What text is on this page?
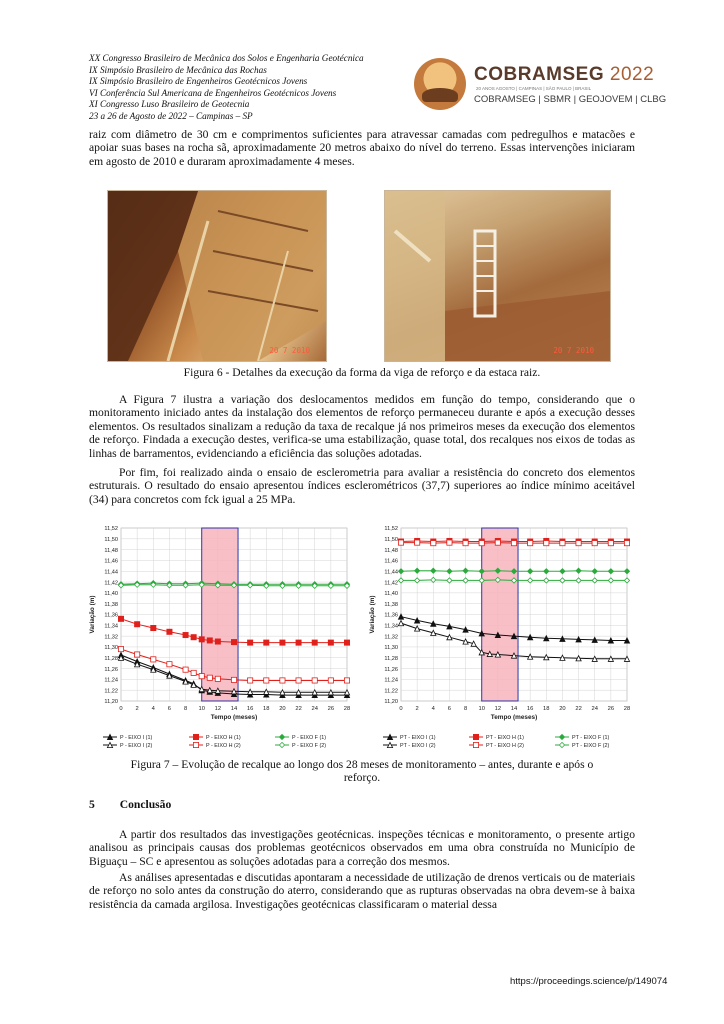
XX Congresso Brasileiro de Mecânica dos Solos e Engenharia Geotécnica
IX Simpósio Brasileiro de Mecânica das Rochas
IX Simpósio Brasileiro de Engenheiros Geotécnicos Jovens
VI Conferência Sul Americana de Engenheiros Geotécnicos Jovens
XI Congresso Luso Brasileiro de Geotecnia
23 a 26 de Agosto de 2022 – Campinas – SP
COBRAMSEG 2022
20 ANOS AGOSTO | CAMPINAS | SÃO PAULO | BRASIL
COBRAMSEG | SBMR | GEOJOVEM | CLBG

raiz com diâmetro de 30 cm e comprimentos suficientes para atravessar camadas com pedregulhos e matacões e apoiar suas bases na rocha sã, aproximadamente 20 metros abaixo do nível do terreno. Essas intervenções iniciaram em agosto de 2010 e duraram aproximadamente 4 meses.

20 7 2010	20 7 2010

Figura 6 - Detalhes da execução da forma da viga de reforço e da estaca raiz.

A Figura 7 ilustra a variação dos deslocamentos medidos em função do tempo, considerando que o monitoramento iniciado antes da instalação dos elementos de reforço permaneceu durante e após a execução desses elementos. Os resultados sinalizam a redução da taxa de recalque já nos primeiros meses da execução dos elementos de reforço. Findada a execução destes, verifica-se uma estabilização, quase total, dos recalques nos eixos de todas as linhas de barramentos, evidenciando a eficiência das soluções adotadas.

Por fim, foi realizado ainda o ensaio de esclerometria para avaliar a resistência do concreto dos elementos estruturais. O resultado do ensaio apresentou índices esclerométricos (37,7) superiores ao índice mínimo aceitável (34) para concretos com fck igual a 25 MPa.

11,52
11,50
11,48
11,46
11,44
11,42
11,40
11,38
11,36
11,34
11,32
11,30
11,28
11,26
11,24
11,22
11,20
0 2 4 6 8 10 12 14 16 18 20 22 24 26 28
Tempo (meses)
Variação (m)
P - EIXO I (1)
P - EIXO I (2)
P - EIXO H (1)
P - EIXO H (2)
P - EIXO F (1)
P - EIXO F (2)
11,52
11,50
11,48
11,46
11,44
11,42
11,40
11,38
11,36
11,34
11,32
11,30
11,28
11,26
11,24
11,22
11,20
0 2 4 6 8 10 12 14 16 18 20 22 24 26 28
Tempo (meses)
Variação (m)
PT - EIXO I (1)
PT - EIXO I (2)
PT - EIXO H (1)
PT - EIXO H (2)
PT - EIXO F (1)
PT - EIXO F (2)

Figura 7 – Evolução de recalque ao longo dos 28 meses de monitoramento – antes, durante e após o
reforço.

5 Conclusão

A partir dos resultados das investigações geotécnicas. inspeções técnicas e monitoramento, o presente artigo analisou as principais causas dos problemas geotécnicos observados em uma obra construída no Município de Biguaçu – SC e apresentou as soluções adotadas para a correção dos mesmos.

As análises apresentadas e discutidas apontaram a necessidade de utilização de drenos verticais ou de materiais de reforço no solo antes da construção do aterro, considerando que as rupturas observadas na obra devem-se à baixa resistência da camada argilosa. Investigações geotécnicas classificaram o material dessa

https://proceedings.science/p/149074
